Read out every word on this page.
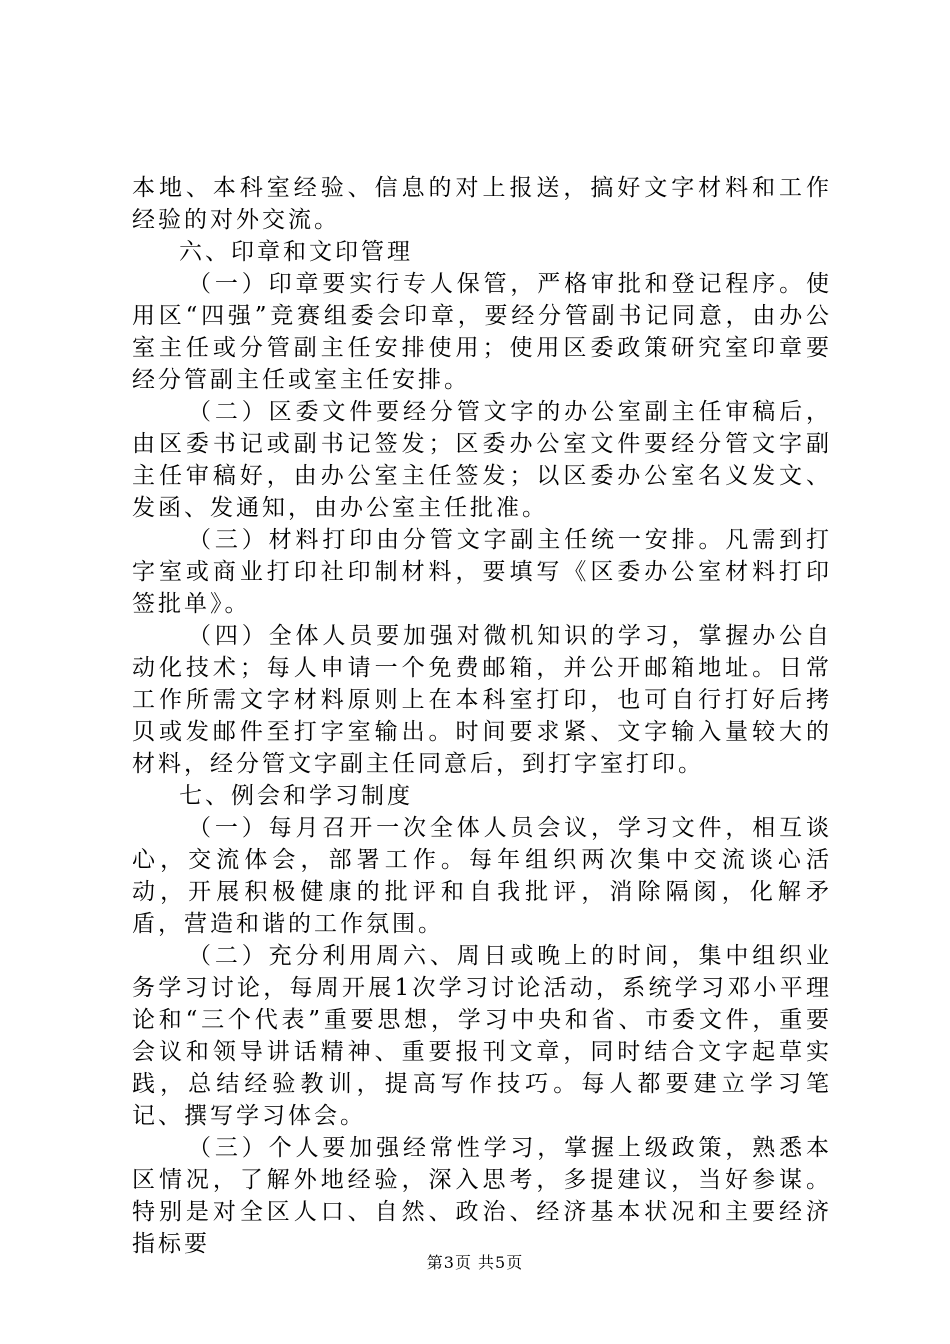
本地、本科室经验、信息的对上报送，搞好文字材料和工作经验的对外交流。

六、印章和文印管理

（一）印章要实行专人保管，严格审批和登记程序。使用区“四强”竞赛组委会印章，要经分管副书记同意，由办公室主任或分管副主任安排使用；使用区委政策研究室印章要经分管副主任或室主任安排。

（二）区委文件要经分管文字的办公室副主任审稿后，由区委书记或副书记签发；区委办公室文件要经分管文字副主任审稿好，由办公室主任签发；以区委办公室名义发文、发函、发通知，由办公室主任批准。

（三）材料打印由分管文字副主任统一安排。凡需到打字室或商业打印社印制材料，要填写《区委办公室材料打印签批单》。

（四）全体人员要加强对微机知识的学习，掌握办公自动化技术；每人申请一个免费邮箱，并公开邮箱地址。日常工作所需文字材料原则上在本科室打印，也可自行打好后拷贝或发邮件至打字室输出。时间要求紧、文字输入量较大的材料，经分管文字副主任同意后，到打字室打印。

七、例会和学习制度

（一）每月召开一次全体人员会议，学习文件，相互谈心，交流体会，部署工作。每年组织两次集中交流谈心活动，开展积极健康的批评和自我批评，消除隔阂，化解矛盾，营造和谐的工作氛围。

（二）充分利用周六、周日或晚上的时间，集中组织业务学习讨论，每周开展1次学习讨论活动，系统学习邓小平理论和“三个代表”重要思想，学习中央和省、市委文件，重要会议和领导讲话精神、重要报刊文章，同时结合文字起草实践，总结经验教训，提高写作技巧。每人都要建立学习笔记、撰写学习体会。

（三）个人要加强经常性学习，掌握上级政策，熟悉本区情况，了解外地经验，深入思考，多提建议，当好参谋。特别是对全区人口、自然、政治、经济基本状况和主要经济指标要

第3页 共5页
